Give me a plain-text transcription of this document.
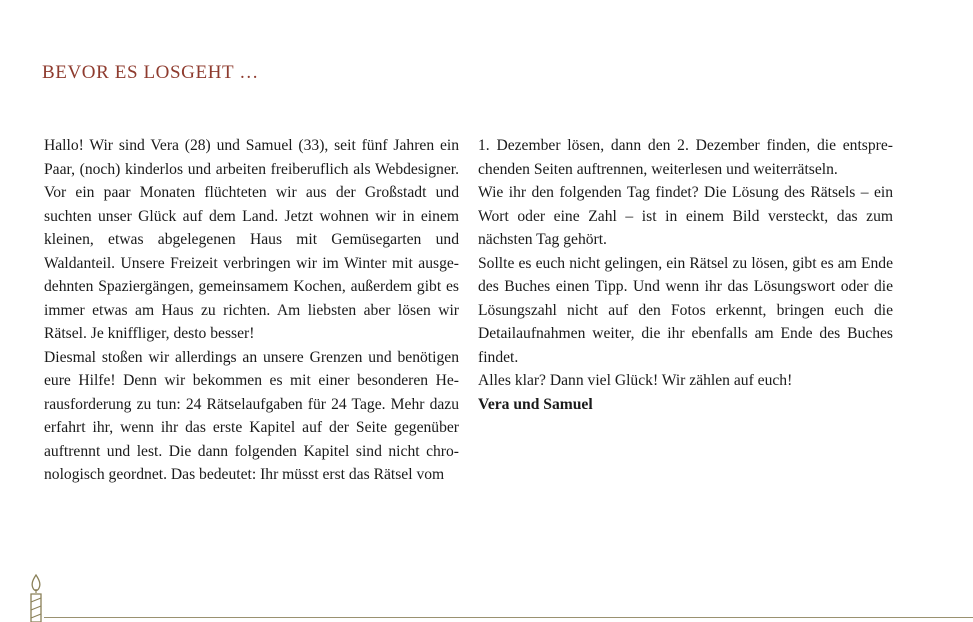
BEVOR ES LOSGEHT …

Hallo! Wir sind Vera (28) und Samuel (33), seit fünf Jahren ein Paar, (noch) kinderlos und arbeiten freiberuflich als Webdesigner. Vor ein paar Monaten flüchteten wir aus der Großstadt und suchten unser Glück auf dem Land. Jetzt wohnen wir in einem kleinen, etwas abgelegenen Haus mit Gemüsegarten und Waldanteil. Unsere Freizeit verbringen wir im Winter mit ausgedehnten Spaziergängen, gemeinsamem Kochen, außerdem gibt es immer etwas am Haus zu richten. Am liebsten aber lösen wir Rätsel. Je kniffliger, desto besser!

Diesmal stoßen wir allerdings an unsere Grenzen und benötigen eure Hilfe! Denn wir bekommen es mit einer besonderen Herausforderung zu tun: 24 Rätselaufgaben für 24 Tage. Mehr dazu erfahrt ihr, wenn ihr das erste Kapitel auf der Seite gegenüber auftrennt und lest. Die dann folgenden Kapitel sind nicht chronologisch geordnet. Das bedeutet: Ihr müsst erst das Rätsel vom

1. Dezember lösen, dann den 2. Dezember finden, die entsprechenden Seiten auftrennen, weiterlesen und weiterrätseln.

Wie ihr den folgenden Tag findet? Die Lösung des Rätsels – ein Wort oder eine Zahl – ist in einem Bild versteckt, das zum nächsten Tag gehört.

Sollte es euch nicht gelingen, ein Rätsel zu lösen, gibt es am Ende des Buches einen Tipp. Und wenn ihr das Lösungswort oder die Lösungszahl nicht auf den Fotos erkennt, bringen euch die Detailaufnahmen weiter, die ihr ebenfalls am Ende des Buches findet.

Alles klar? Dann viel Glück! Wir zählen auf euch!

Vera und Samuel
